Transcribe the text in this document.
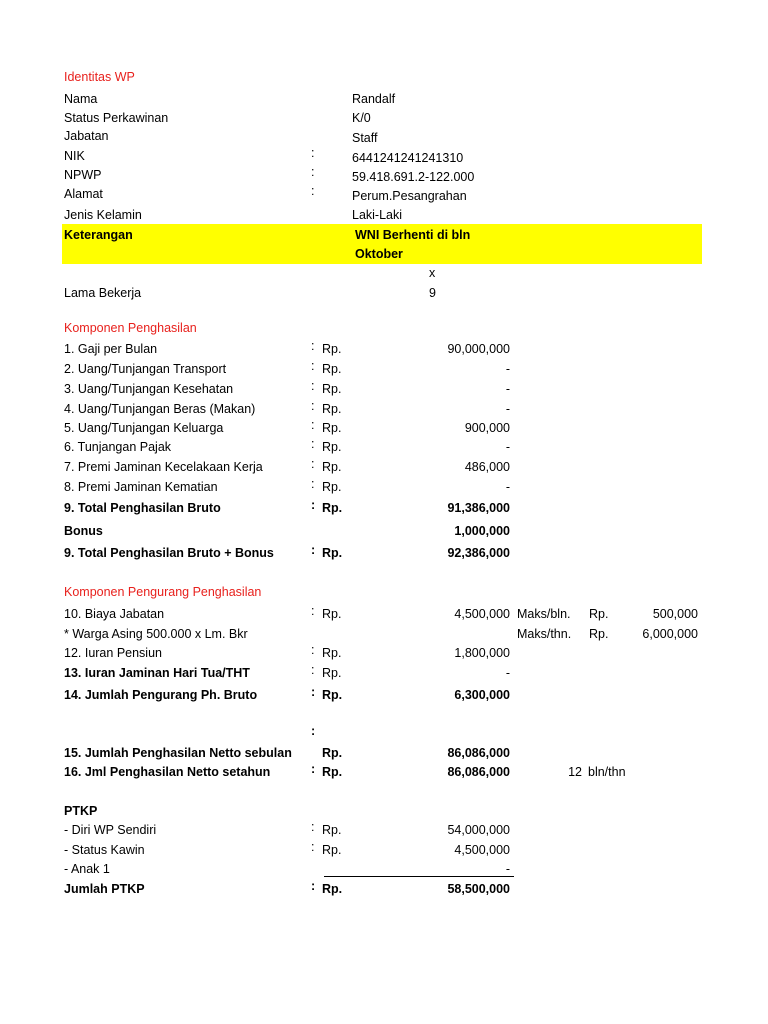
Identitas WP
Nama	Randalf
Status Perkawinan	K/0
Jabatan	Staff
NIK	:	6441241241241310
NPWP	:	59.418.691.2-122.000
Alamat	:	Perum.Pesangrahan
Jenis Kelamin	Laki-Laki
Keterangan	WNI Berhenti di bln
Oktober
x
Lama Bekerja	9
Komponen Penghasilan
1. Gaji per Bulan	: Rp.	90,000,000
2. Uang/Tunjangan Transport	: Rp.	-
3. Uang/Tunjangan Kesehatan	: Rp.	-
4. Uang/Tunjangan Beras (Makan)	: Rp.	-
5. Uang/Tunjangan Keluarga	: Rp.	900,000
6. Tunjangan Pajak	: Rp.	-
7. Premi Jaminan Kecelakaan Kerja	: Rp.	486,000
8. Premi Jaminan Kematian	: Rp.	-
9. Total Penghasilan Bruto	: Rp.	91,386,000
Bonus	1,000,000
9. Total Penghasilan Bruto + Bonus	: Rp.	92,386,000
Komponen Pengurang Penghasilan
10. Biaya Jabatan	: Rp.	4,500,000 Maks/bln. Rp.	500,000
* Warga Asing 500.000 x Lm. Bkr	Maks/thn. Rp.	6,000,000
12. Iuran Pensiun	: Rp.	1,800,000
13. Iuran Jaminan Hari Tua/THT	: Rp.	-
14. Jumlah Pengurang Ph. Bruto	: Rp.	6,300,000
:
15. Jumlah Penghasilan Netto sebulan Rp.	86,086,000
16. Jml Penghasilan Netto setahun	: Rp.	86,086,000	12 bln/thn
PTKP
- Diri WP Sendiri	: Rp.	54,000,000
- Status Kawin	: Rp.	4,500,000
- Anak 1	-
Jumlah PTKP	: Rp.	58,500,000
